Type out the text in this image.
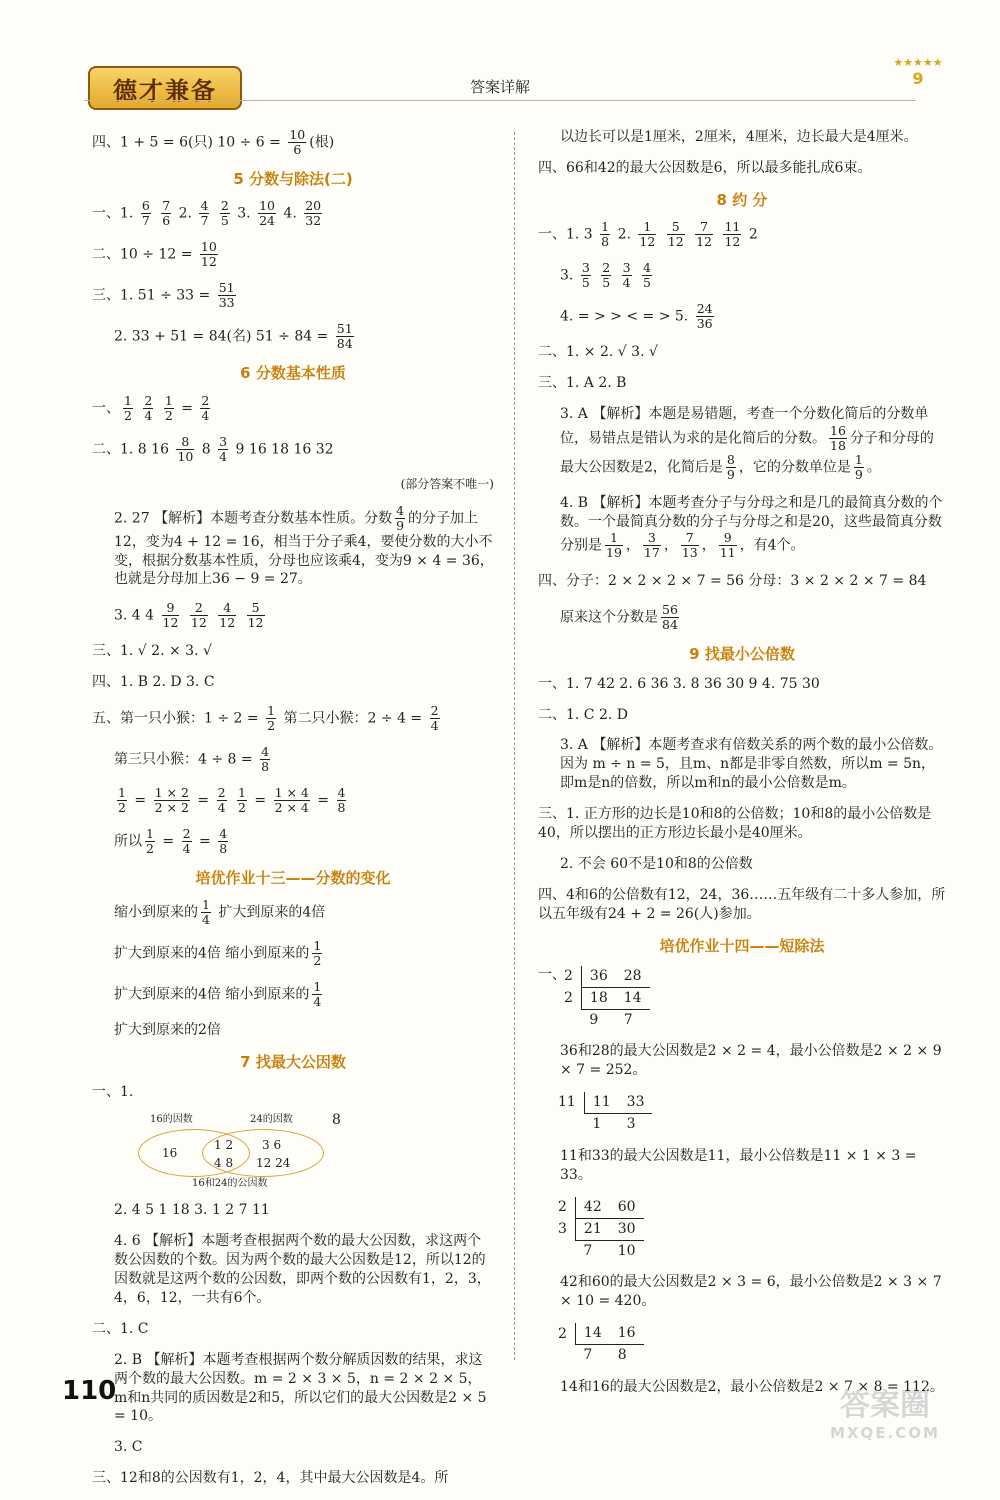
德才兼备	答案详解
★★★★★
9
四、1 + 5 = 6(只) $10 \div 6 = \frac{10}{6}$ (根)
5 分数与除法(二)
一、1. $\frac{6}{7}$
$\frac{7}{6} 2$. $\frac{4}{7}$
$\frac{2}{5} 3$. $\frac{10}{24} 4$. $\frac{20}{32}$
二、$10 \div 12 = \frac{10}{12}$
三、1. $51 \div 33 = \frac{51}{33}$
2. 33 + 51 = 84(名) $51 \div 84 = \frac{51}{84}$
6 分数基本性质
一、 $\frac{1}{2}$
$\frac{2}{4}$
$\frac{1}{2} = \frac{2}{4}$
二、1. 8 $16 \frac{8}{10} 8 \frac{3}{4} 9$ 16 18 16 32
(部分答案不唯一)
2. 27 【解析】本题考查分数基本性质。分数 $\frac{4}{9}$ 的分子加上12，变为4 + 12 = 16，相当于分子乘4，要使分数的大小不变，根据分数基本性质，分母也应该乘4，变为9 × 4 = 36，也就是分母加上36 − 9 = 27。
3. 4 $4 \frac{9}{12}$
$\frac{2}{12}$
$\frac{4}{12}$
$\frac{5}{12}$
三、1. √ 2. × 3. √
四、1. B 2. D 3. C
五、第一只小猴：$1 \div 2 = \frac{1}{2}$ 第二只小猴：$2 \div 4 = \frac{2}{4}$
第三只小猴：$4 \div 8 = \frac{4}{8}$
$\frac{1}{2} = \frac{1 \times 2}{2 \times 2} = \frac{2}{4}$
$\frac{1}{2} = \frac{1 \times 4}{2 \times 4} = \frac{4}{8}$
所以 $\frac{1}{2} = \frac{2}{4} = \frac{4}{8}$
培优作业十三——分数的变化
缩小到原来的 $\frac{1}{4}$ 扩大到原来的4倍
扩大到原来的4倍 缩小到原来的 $\frac{1}{2}$
扩大到原来的4倍 缩小到原来的 $\frac{1}{4}$
扩大到原来的2倍
7 找最大公因数
一、1.
16的因数	24的因数
16
1 2
4 8
3 6
12 24
16和24的公因数
8
2. 4 5 1 18 3. 1 2 7 11
4. 6 【解析】本题考查根据两个数的最大公因数，求这两个数公因数的个数。因为两个数的最大公因数是12，所以12的因数就是这两个数的公因数，即两个数的公因数有1，2，3，4，6，12，一共有6个。
二、1. C
2. B 【解析】本题考查根据两个数分解质因数的结果，求这两个数的最大公因数。m = 2 × 3 × 5，n = 2 × 2 × 5，m和n共同的质因数是2和5，所以它们的最大公因数是2 × 5 = 10。
3. C
三、12和8的公因数有1，2，4，其中最大公因数是4。所
以边长可以是1厘米，2厘米，4厘米，边长最大是4厘米。
四、66和42的最大公因数是6，所以最多能扎成6束。
8 约 分
一、1. $3 \frac{1}{8} 2$. $\frac{1}{12}$
$\frac{5}{12}$
$\frac{7}{12}$
$\frac{11}{12} 2$
3. $\frac{3}{5}$
$\frac{2}{5}$
$\frac{3}{4}$
$\frac{4}{5}$
4. = > > < = > 5. $\frac{24}{36}$
二、1. × 2. √ 3. √
三、1. A 2. B
3. A 【解析】本题是易错题，考查一个分数化简后的分数单位，易错点是错认为求的是化简后的分数。 $\frac{16}{18}$ 分子和分母的最大公因数是2，化简后是 $\frac{8}{9}$ ，它的分数单位是 $\frac{1}{9}$ 。
4. B 【解析】本题考查分子与分母之和是几的最简真分数的个数。一个最简真分数的分子与分母之和是20，这些最简真分数分别是 $\frac{1}{19}$ ， $\frac{3}{17}$ ， $\frac{7}{13}$ ， $\frac{9}{11}$ ，有4个。
四、分子：2 × 2 × 2 × 7 = 56 分母：3 × 2 × 2 × 7 = 84
原来这个分数是 $\frac{56}{84}$
9 找最小公倍数
一、1. 7 42 2. 6 36 3. 8 36 30 9 4. 75 30
二、1. C 2. D
3. A 【解析】本题考查求有倍数关系的两个数的最小公倍数。因为 m ÷ n = 5，且m、n都是非零自然数，所以m = 5n，即m是n的倍数，所以m和n的最小公倍数是m。
三、1. 正方形的边长是10和8的公倍数；10和8的最小公倍数是40，所以摆出的正方形边长最小是40厘米。
2. 不会 60不是10和8的公倍数
四、4和6的公倍数有12，24，36……五年级有二十多人参加，所以五年级有24 + 2 = 26(人)参加。
培优作业十四——短除法
一、
2	36	28
2	18	14
	9	7
36和28的最大公因数是2 × 2 = 4，最小公倍数是2 × 2 × 9 × 7 = 252。
11	11	33
	1	3
11和33的最大公因数是11，最小公倍数是11 × 1 × 3 = 33。
2	42	60
3	21	30
	7	10
42和60的最大公因数是2 × 3 = 6，最小公倍数是2 × 3 × 7 × 10 = 420。
2	14	16
	7	8
14和16的最大公因数是2，最小公倍数是2 × 7 × 8 = 112。
110	答案圈
MXQE.COM
